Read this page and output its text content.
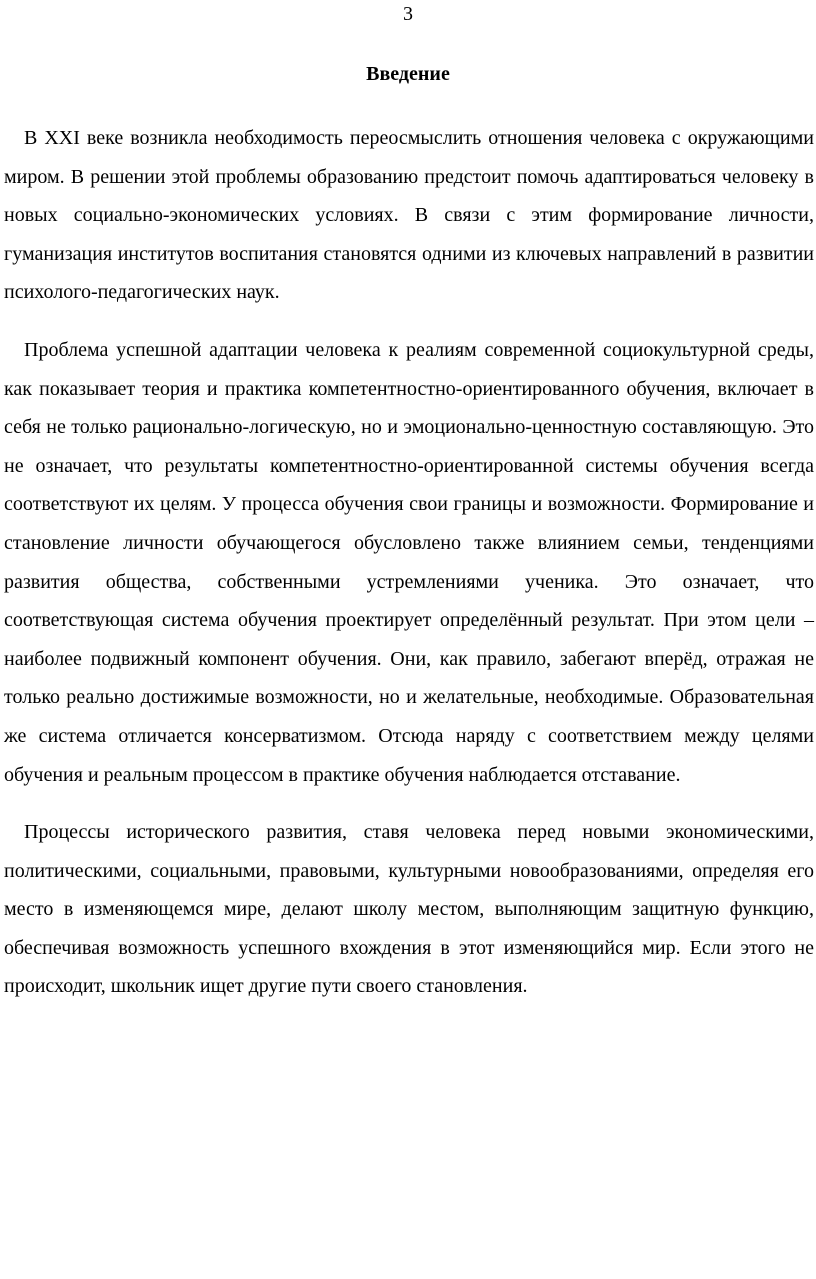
3
Введение

В XXI веке возникла необходимость переосмыслить отношения человека с окружающими миром. В решении этой проблемы образованию предстоит помочь адаптироваться человеку в новых социально-экономических условиях. В связи с этим формирование личности, гуманизация институтов воспитания становятся одними из ключевых направлений в развитии психолого-педагогических наук.

Проблема успешной адаптации человека к реалиям современной социокультурной среды, как показывает теория и практика компетентностно-ориентированного обучения, включает в себя не только рационально-логическую, но и эмоционально-ценностную составляющую. Это не означает, что результаты компетентностно-ориентированной системы обучения всегда соответствуют их целям. У процесса обучения свои границы и возможности. Формирование и становление личности обучающегося обусловлено также влиянием семьи, тенденциями развития общества, собственными устремлениями ученика. Это означает, что соответствующая система обучения проектирует определённый результат. При этом цели – наиболее подвижный компонент обучения. Они, как правило, забегают вперёд, отражая не только реально достижимые возможности, но и желательные, необходимые. Образовательная же система отличается консерватизмом. Отсюда наряду с соответствием между целями обучения и реальным процессом в практике обучения наблюдается отставание.

Процессы исторического развития, ставя человека перед новыми экономическими, политическими, социальными, правовыми, культурными новообразованиями, определяя его место в изменяющемся мире, делают школу местом, выполняющим защитную функцию, обеспечивая возможность успешного вхождения в этот изменяющийся мир. Если этого не происходит, школьник ищет другие пути своего становления.
